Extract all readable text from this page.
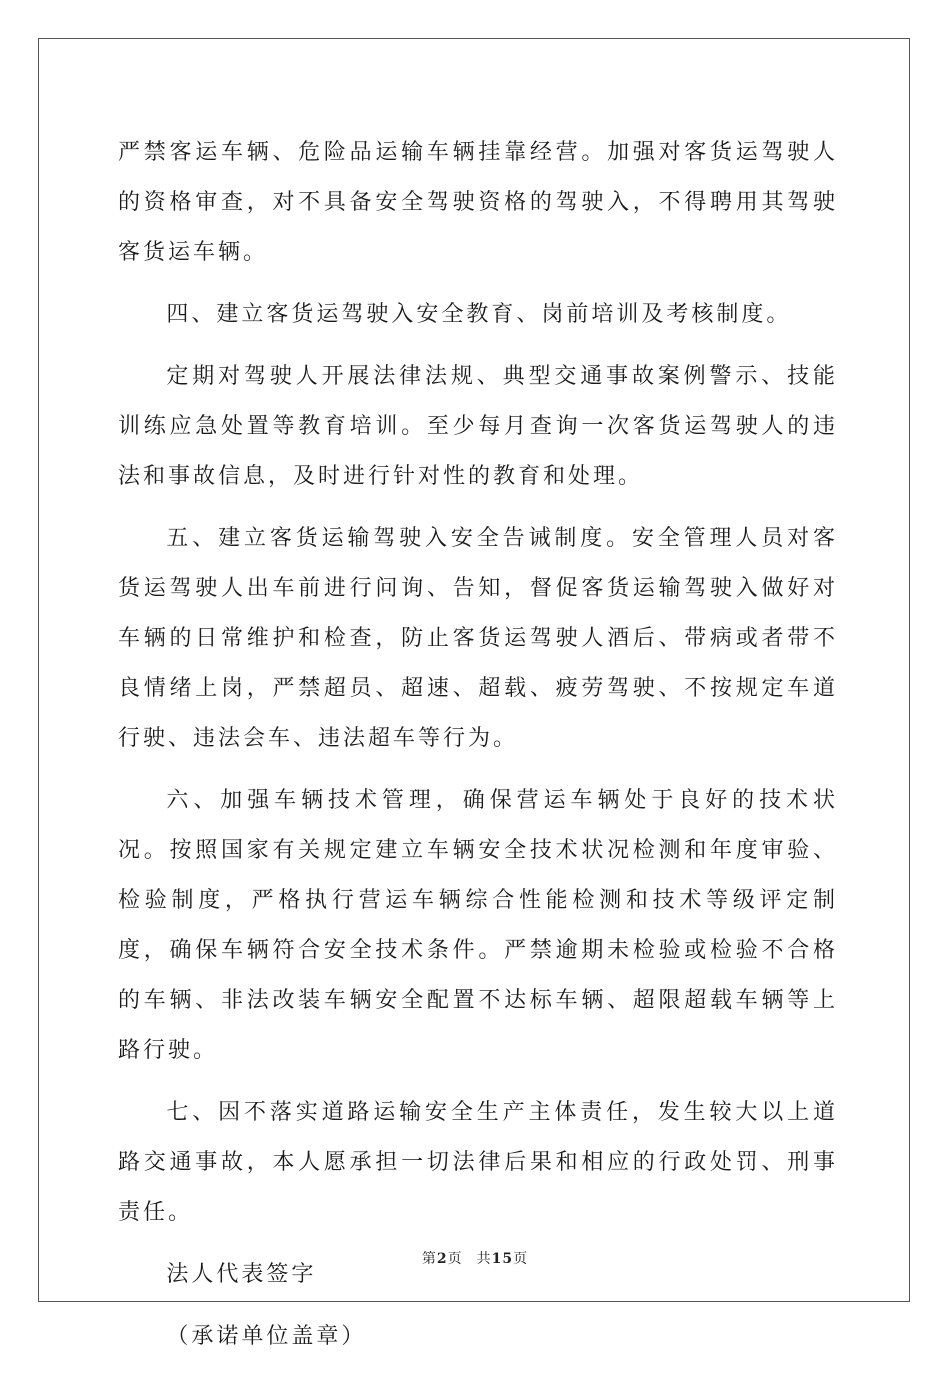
严禁客运车辆、危险品运输车辆挂靠经营。加强对客货运驾驶人的资格审查，对不具备安全驾驶资格的驾驶入，不得聘用其驾驶客货运车辆。

四、建立客货运驾驶入安全教育、岗前培训及考核制度。

定期对驾驶人开展法律法规、典型交通事故案例警示、技能训练应急处置等教育培训。至少每月查询一次客货运驾驶人的违法和事故信息，及时进行针对性的教育和处理。

五、建立客货运输驾驶入安全告诫制度。安全管理人员对客货运驾驶人出车前进行问询、告知，督促客货运输驾驶入做好对车辆的日常维护和检查，防止客货运驾驶人酒后、带病或者带不良情绪上岗，严禁超员、超速、超载、疲劳驾驶、不按规定车道行驶、违法会车、违法超车等行为。

六、加强车辆技术管理，确保营运车辆处于良好的技术状况。按照国家有关规定建立车辆安全技术状况检测和年度审验、检验制度，严格执行营运车辆综合性能检测和技术等级评定制度，确保车辆符合安全技术条件。严禁逾期未检验或检验不合格的车辆、非法改装车辆安全配置不达标车辆、超限超载车辆等上路行驶。

七、因不落实道路运输安全生产主体责任，发生较大以上道路交通事故，本人愿承担一切法律后果和相应的行政处罚、刑事责任。

法人代表签字

（承诺单位盖章）

第2页 共15页
